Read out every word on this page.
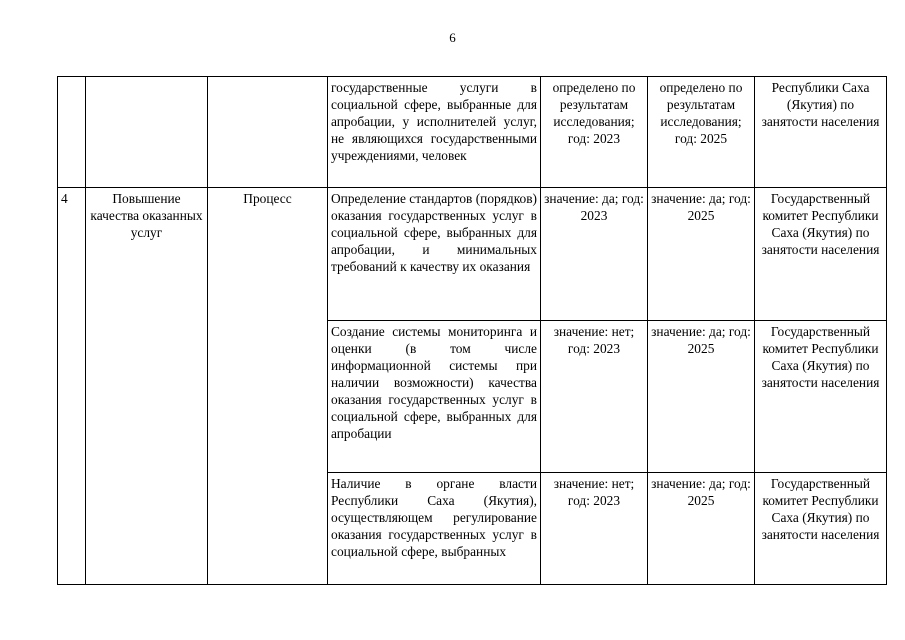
6
			государственные услуги в социальной сфере, выбранные для апробации, у исполнителей услуг, не являющихся государственными учреждениями, человек	определено по результатам исследования; год: 2023	определено по результатам исследования; год: 2025	Республики Саха (Якутия) по занятости населения
4	Повышение качества оказанных услуг	Процесс	Определение стандартов (порядков) оказания государственных услуг в социальной сфере, выбранных для апробации, и минимальных требований к качеству их оказания	значение: да; год: 2023	значение: да; год: 2025	Государственный комитет Республики Саха (Якутия) по занятости населения
			Создание системы мониторинга и оценки (в том числе информационной системы при наличии возможности) качества оказания государственных услуг в социальной сфере, выбранных для апробации	значение: нет; год: 2023	значение: да; год: 2025	Государственный комитет Республики Саха (Якутия) по занятости населения
			Наличие в органе власти Республики Саха (Якутия), осуществляющем регулирование оказания государственных услуг в социальной сфере, выбранных	значение: нет; год: 2023	значение: да; год: 2025	Государственный комитет Республики Саха (Якутия) по занятости населения
